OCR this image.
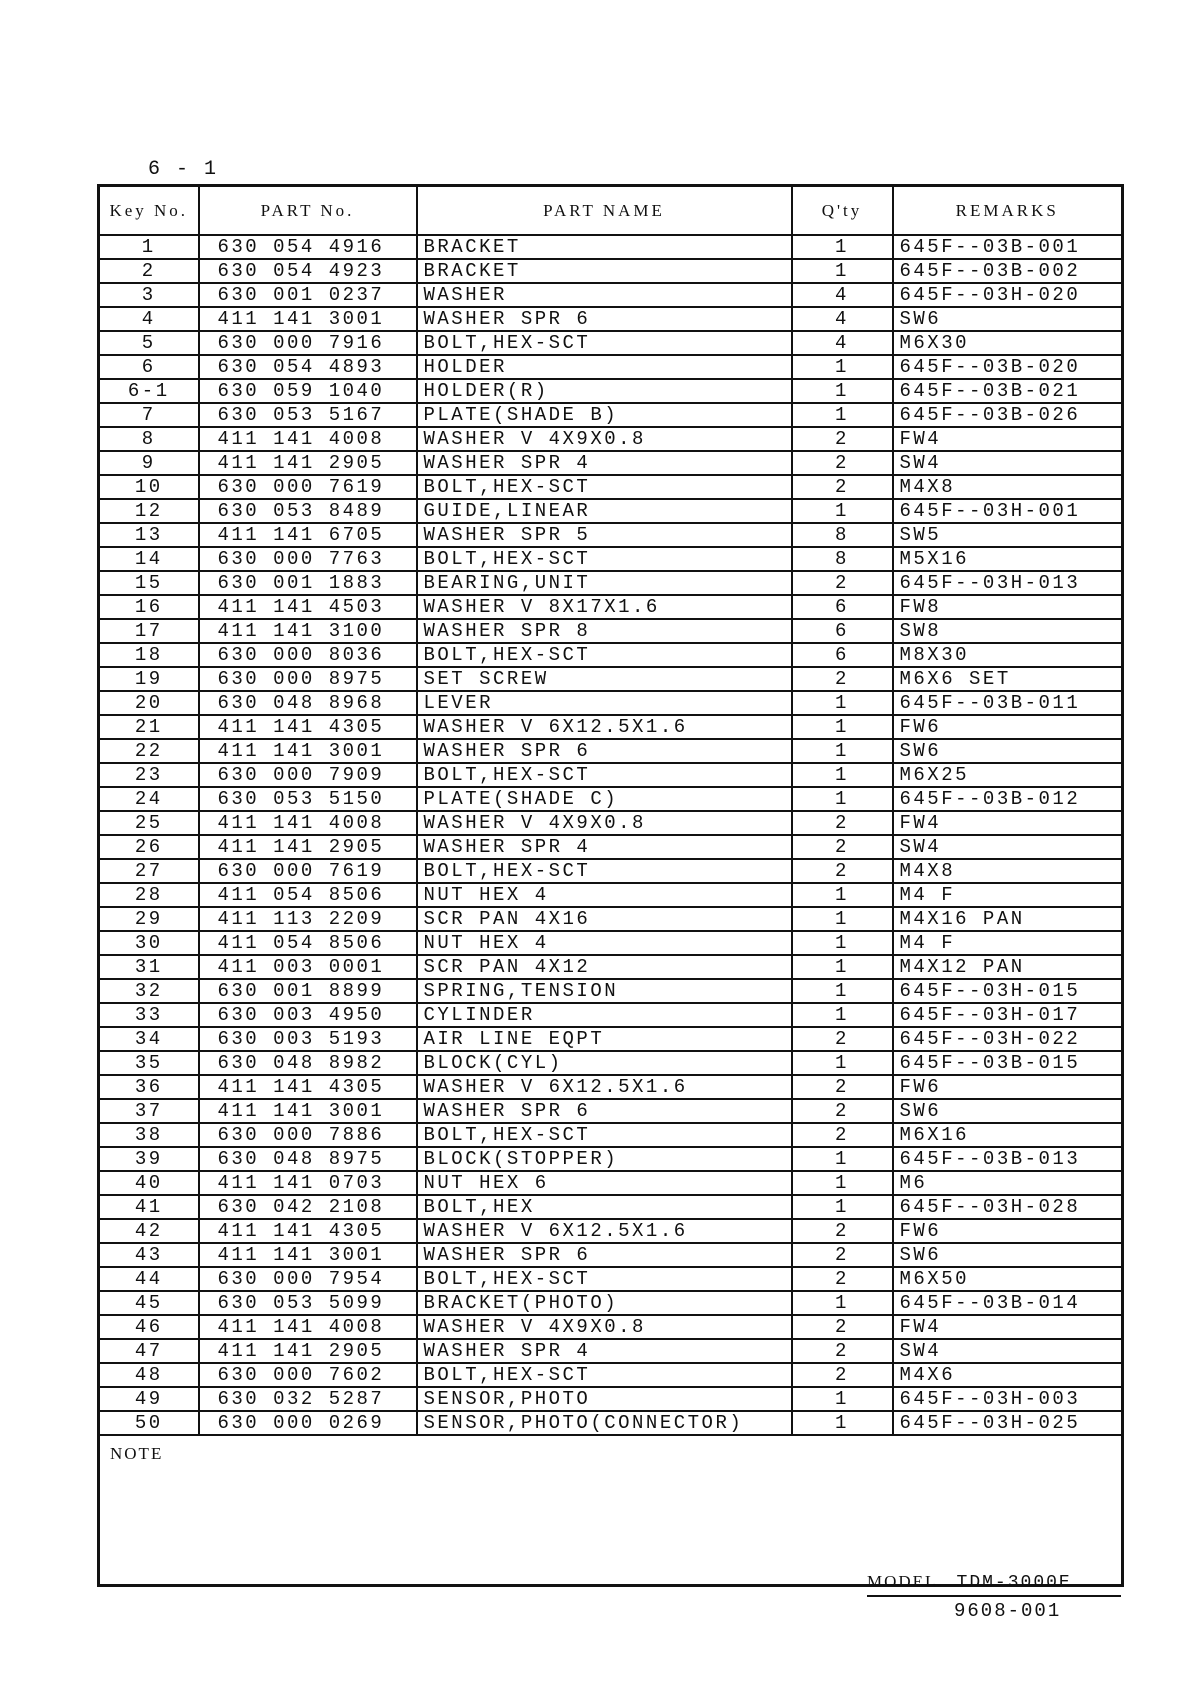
6 - 1
Key No.	PART No.	PART NAME	Q'ty	REMARKS
1	630 054 4916	BRACKET	1	645F--03B-001
2	630 054 4923	BRACKET	1	645F--03B-002
3	630 001 0237	WASHER	4	645F--03H-020
4	411 141 3001	WASHER SPR 6	4	SW6
5	630 000 7916	BOLT,HEX-SCT	4	M6X30
6	630 054 4893	HOLDER	1	645F--03B-020
6-1	630 059 1040	HOLDER(R)	1	645F--03B-021
7	630 053 5167	PLATE(SHADE B)	1	645F--03B-026
8	411 141 4008	WASHER V 4X9X0.8	2	FW4
9	411 141 2905	WASHER SPR 4	2	SW4
10	630 000 7619	BOLT,HEX-SCT	2	M4X8
12	630 053 8489	GUIDE,LINEAR	1	645F--03H-001
13	411 141 6705	WASHER SPR 5	8	SW5
14	630 000 7763	BOLT,HEX-SCT	8	M5X16
15	630 001 1883	BEARING,UNIT	2	645F--03H-013
16	411 141 4503	WASHER V 8X17X1.6	6	FW8
17	411 141 3100	WASHER SPR 8	6	SW8
18	630 000 8036	BOLT,HEX-SCT	6	M8X30
19	630 000 8975	SET SCREW	2	M6X6 SET
20	630 048 8968	LEVER	1	645F--03B-011
21	411 141 4305	WASHER V 6X12.5X1.6	1	FW6
22	411 141 3001	WASHER SPR 6	1	SW6
23	630 000 7909	BOLT,HEX-SCT	1	M6X25
24	630 053 5150	PLATE(SHADE C)	1	645F--03B-012
25	411 141 4008	WASHER V 4X9X0.8	2	FW4
26	411 141 2905	WASHER SPR 4	2	SW4
27	630 000 7619	BOLT,HEX-SCT	2	M4X8
28	411 054 8506	NUT HEX 4	1	M4 F
29	411 113 2209	SCR PAN 4X16	1	M4X16 PAN
30	411 054 8506	NUT HEX 4	1	M4 F
31	411 003 0001	SCR PAN 4X12	1	M4X12 PAN
32	630 001 8899	SPRING,TENSION	1	645F--03H-015
33	630 003 4950	CYLINDER	1	645F--03H-017
34	630 003 5193	AIR LINE EQPT	2	645F--03H-022
35	630 048 8982	BLOCK(CYL)	1	645F--03B-015
36	411 141 4305	WASHER V 6X12.5X1.6	2	FW6
37	411 141 3001	WASHER SPR 6	2	SW6
38	630 000 7886	BOLT,HEX-SCT	2	M6X16
39	630 048 8975	BLOCK(STOPPER)	1	645F--03B-013
40	411 141 0703	NUT HEX 6	1	M6
41	630 042 2108	BOLT,HEX	1	645F--03H-028
42	411 141 4305	WASHER V 6X12.5X1.6	2	FW6
43	411 141 3001	WASHER SPR 6	2	SW6
44	630 000 7954	BOLT,HEX-SCT	2	M6X50
45	630 053 5099	BRACKET(PHOTO)	1	645F--03B-014
46	411 141 4008	WASHER V 4X9X0.8	2	FW4
47	411 141 2905	WASHER SPR 4	2	SW4
48	630 000 7602	BOLT,HEX-SCT	2	M4X6
49	630 032 5287	SENSOR,PHOTO	1	645F--03H-003
50	630 000 0269	SENSOR,PHOTO(CONNECTOR)	1	645F--03H-025
NOTE				
MODEL. TDM-3000E
9608-001
